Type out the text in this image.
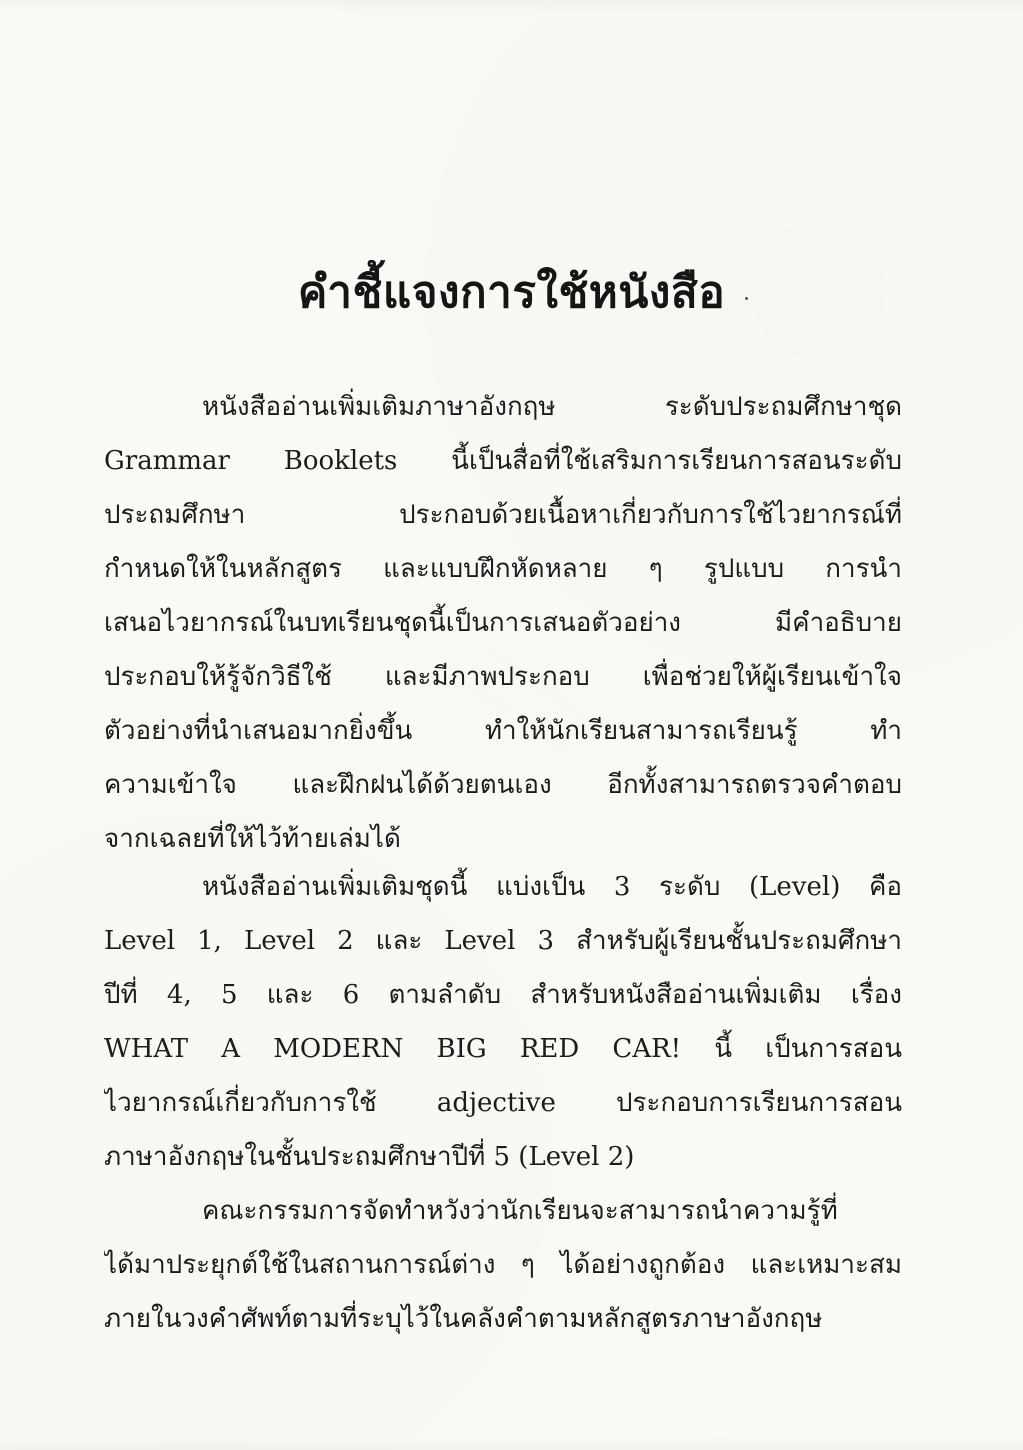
คำชี้แจงการใช้หนังสือ
หนังสืออ่านเพิ่มเติมภาษาอังกฤษ ระดับประถมศึกษาชุด
Grammar Booklets นี้เป็นสื่อที่ใช้เสริมการเรียนการสอนระดับ
ประถมศึกษา ประกอบด้วยเนื้อหาเกี่ยวกับการใช้ไวยากรณ์ที่
กำหนดให้ในหลักสูตร และแบบฝึกหัดหลาย ๆ รูปแบบ การนำ
เสนอไวยากรณ์ในบทเรียนชุดนี้เป็นการเสนอตัวอย่าง มีคำอธิบาย
ประกอบให้รู้จักวิธีใช้ และมีภาพประกอบ เพื่อช่วยให้ผู้เรียนเข้าใจ
ตัวอย่างที่นำเสนอมากยิ่งขึ้น ทำให้นักเรียนสามารถเรียนรู้ ทำ
ความเข้าใจ และฝึกฝนได้ด้วยตนเอง อีกทั้งสามารถตรวจคำตอบ
จากเฉลยที่ให้ไว้ท้ายเล่มได้
หนังสืออ่านเพิ่มเติมชุดนี้ แบ่งเป็น 3 ระดับ (Level) คือ
Level 1, Level 2 และ Level 3 สำหรับผู้เรียนชั้นประถมศึกษา
ปีที่ 4, 5 และ 6 ตามลำดับ สำหรับหนังสืออ่านเพิ่มเติม เรื่อง
WHAT A MODERN BIG RED CAR! นี้ เป็นการสอน
ไวยากรณ์เกี่ยวกับการใช้ adjective ประกอบการเรียนการสอน
ภาษาอังกฤษในชั้นประถมศึกษาปีที่ 5 (Level 2)
คณะกรรมการจัดทำหวังว่านักเรียนจะสามารถนำความรู้ที่
ได้มาประยุกต์ใช้ในสถานการณ์ต่าง ๆ ได้อย่างถูกต้อง และเหมาะสม
ภายในวงคำศัพท์ตามที่ระบุไว้ในคลังคำตามหลักสูตรภาษาอังกฤษ
